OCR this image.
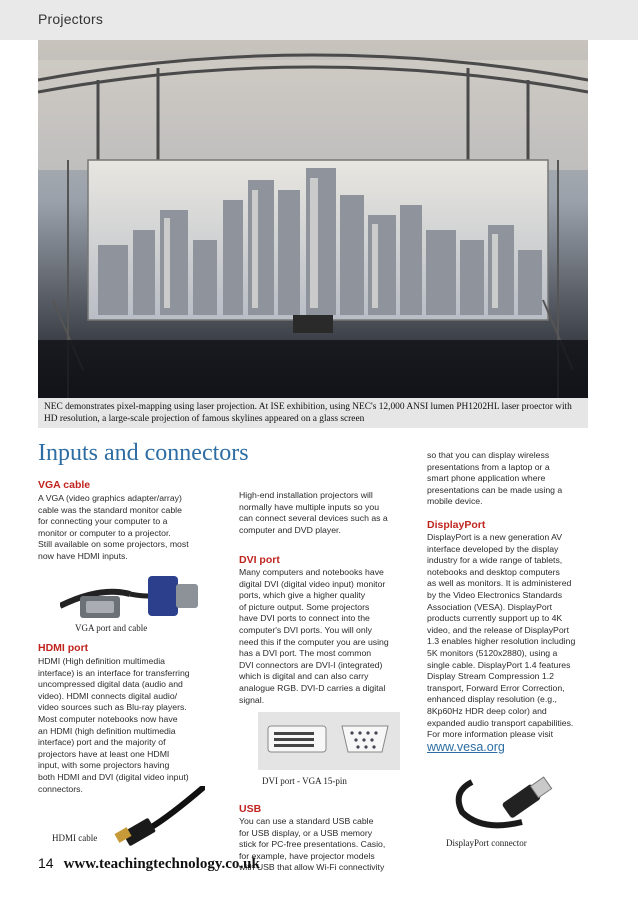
Projectors
NEC demonstrates pixel-mapping using laser projection. At ISE exhibition, using NEC's 12,000 ANSI lumen PH1202HL laser proector with HD resolution, a large-scale projection of famous skylines appeared on a glass screen
Inputs and connectors
VGA cable
A VGA (video graphics adapter/array)
cable was the standard monitor cable
for connecting your computer to a
monitor or computer to a projector.
Still available on some projectors, most
now have HDMI inputs.
VGA port and cable
HDMI port
HDMI (High definition multimedia
interface) is an interface for transferring
uncompressed digital data (audio and
video). HDMI connects digital audio/
video sources such as Blu-ray players.
Most computer notebooks now have
an HDMI (high definition multimedia
interface) port and the majority of
projectors have at least one HDMI
input, with some projectors having
both HDMI and DVI (digital video input)
connectors.
HDMI cable
High-end installation projectors will
normally have multiple inputs so you
can connect several devices such as a
computer and DVD player.
DVI port
Many computers and notebooks have
digital DVI (digital video input) monitor
ports, which give a higher quality
of picture output. Some projectors
have DVI ports to connect into the
computer's DVI ports. You will only
need this if the computer you are using
has a DVI port. The most common
DVI connectors are DVI-I (integrated)
which is digital and can also carry
analogue RGB. DVI-D carries a digital
signal.
DVI port - VGA 15-pin
USB
You can use a standard USB cable
for USB display, or a USB memory
stick for PC-free presentations. Casio,
for example, have projector models
with USB that allow Wi-Fi connectivity
so that you can display wireless
presentations from a laptop or a
smart phone application where
presentations can be made using a
mobile device.
DisplayPort
DisplayPort is a new generation AV
interface developed by the display
industry for a wide range of tablets,
notebooks and desktop computers
as well as monitors. It is administered
by the Video Electronics Standards
Association (VESA). DisplayPort
products currently support up to 4K
video, and the release of DisplayPort
1.3 enables higher resolution including
5K monitors (5120x2880), using a
single cable. DisplayPort 1.4 features
Display Stream Compression 1.2
transport, Forward Error Correction,
enhanced display resolution (e.g.,
8Kp60Hz HDR deep color) and
expanded audio transport capabilities.
For more information please visit
www.vesa.org
DisplayPort connector
14 www.teachingtechnology.co.uk
